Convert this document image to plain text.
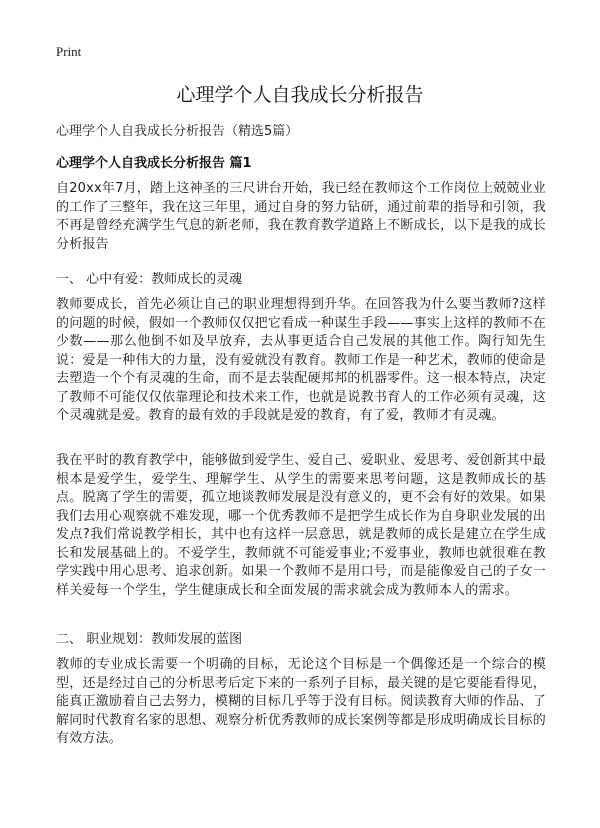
Print
心理学个人自我成长分析报告
心理学个人自我成长分析报告（精选5篇）
心理学个人自我成长分析报告 篇1

自20xx年7月，踏上这神圣的三尺讲台开始，我已经在教师这个工作岗位上兢兢业业的工作了三整年，我在这三年里，通过自身的努力钻研，通过前辈的指导和引领，我不再是曾经充满学生气息的新老师，我在教育教学道路上不断成长，以下是我的成长分析报告

一、 心中有爱：教师成长的灵魂

教师要成长，首先必须让自己的职业理想得到升华。在回答我为什么要当教师?这样的问题的时候，假如一个教师仅仅把它看成一种谋生手段——事实上这样的教师不在少数——那么他倒不如及早放弃，去从事更适合自己发展的其他工作。陶行知先生说：爱是一种伟大的力量，没有爱就没有教育。教师工作是一种艺术，教师的使命是去塑造一个个有灵魂的生命，而不是去装配硬邦邦的机器零件。这一根本特点，决定了教师不可能仅仅依靠理论和技术来工作，也就是说教书育人的工作必须有灵魂，这个灵魂就是爱。教育的最有效的手段就是爱的教育，有了爱，教师才有灵魂。

我在平时的教育教学中，能够做到爱学生、爱自己、爱职业、爱思考、爱创新其中最根本是爱学生，爱学生、理解学生、从学生的需要来思考问题，这是教师成长的基点。脱离了学生的需要，孤立地谈教师发展是没有意义的，更不会有好的效果。如果我们去用心观察就不难发现，哪一个优秀教师不是把学生成长作为自身职业发展的出发点?我们常说教学相长，其中也有这样一层意思，就是教师的成长是建立在学生成长和发展基础上的。不爱学生，教师就不可能爱事业;不爱事业，教师也就很难在教学实践中用心思考、追求创新。如果一个教师不是用口号，而是能像爱自己的子女一样关爱每一个学生，学生健康成长和全面发展的需求就会成为教师本人的需求。

二、 职业规划：教师发展的蓝图

教师的专业成长需要一个明确的目标，无论这个目标是一个偶像还是一个综合的模型，还是经过自己的分析思考后定下来的一系列子目标，最关键的是它要能看得见，能真正激励着自己去努力，模糊的目标几乎等于没有目标。阅读教育大师的作品、了解同时代教育名家的思想、观察分析优秀教师的成长案例等都是形成明确成长目标的有效方法。
